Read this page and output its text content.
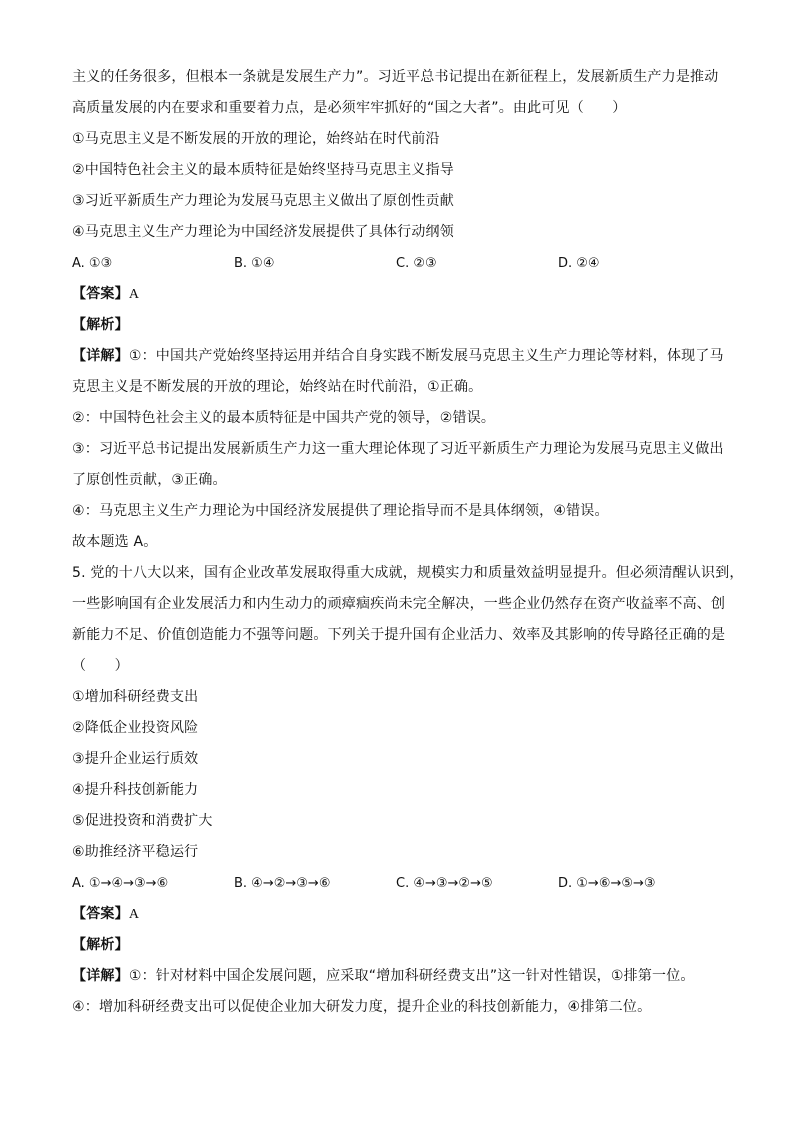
主义的任务很多，但根本一条就是发展生产力”。习近平总书记提出在新征程上，发展新质生产力是推动
高质量发展的内在要求和重要着力点，是必须牢牢抓好的“国之大者”。由此可见（　　）
①马克思主义是不断发展的开放的理论，始终站在时代前沿
②中国特色社会主义的最本质特征是始终坚持马克思主义指导
③习近平新质生产力理论为发展马克思主义做出了原创性贡献
④马克思主义生产力理论为中国经济发展提供了具体行动纲领
A. ①③	B. ①④	C. ②③	D. ②④
【答案】A
【解析】
【详解】①：中国共产党始终坚持运用并结合自身实践不断发展马克思主义生产力理论等材料，体现了马
克思主义是不断发展的开放的理论，始终站在时代前沿，①正确。
②：中国特色社会主义的最本质特征是中国共产党的领导，②错误。
③：习近平总书记提出发展新质生产力这一重大理论体现了习近平新质生产力理论为发展马克思主义做出
了原创性贡献，③正确。
④：马克思主义生产力理论为中国经济发展提供了理论指导而不是具体纲领，④错误。
故本题选 A。
5. 党的十八大以来，国有企业改革发展取得重大成就，规模实力和质量效益明显提升。但必须清醒认识到，
一些影响国有企业发展活力和内生动力的顽瘴痼疾尚未完全解决，一些企业仍然存在资产收益率不高、创
新能力不足、价值创造能力不强等问题。下列关于提升国有企业活力、效率及其影响的传导路径正确的是
（　　）
①增加科研经费支出
②降低企业投资风险
③提升企业运行质效
④提升科技创新能力
⑤促进投资和消费扩大
⑥助推经济平稳运行
A. ①→④→③→⑥	B. ④→②→③→⑥	C. ④→③→②→⑤	D. ①→⑥→⑤→③
【答案】A
【解析】
【详解】①：针对材料中国企发展问题，应采取“增加科研经费支出”这一针对性错误，①排第一位。
④：增加科研经费支出可以促使企业加大研发力度，提升企业的科技创新能力，④排第二位。
